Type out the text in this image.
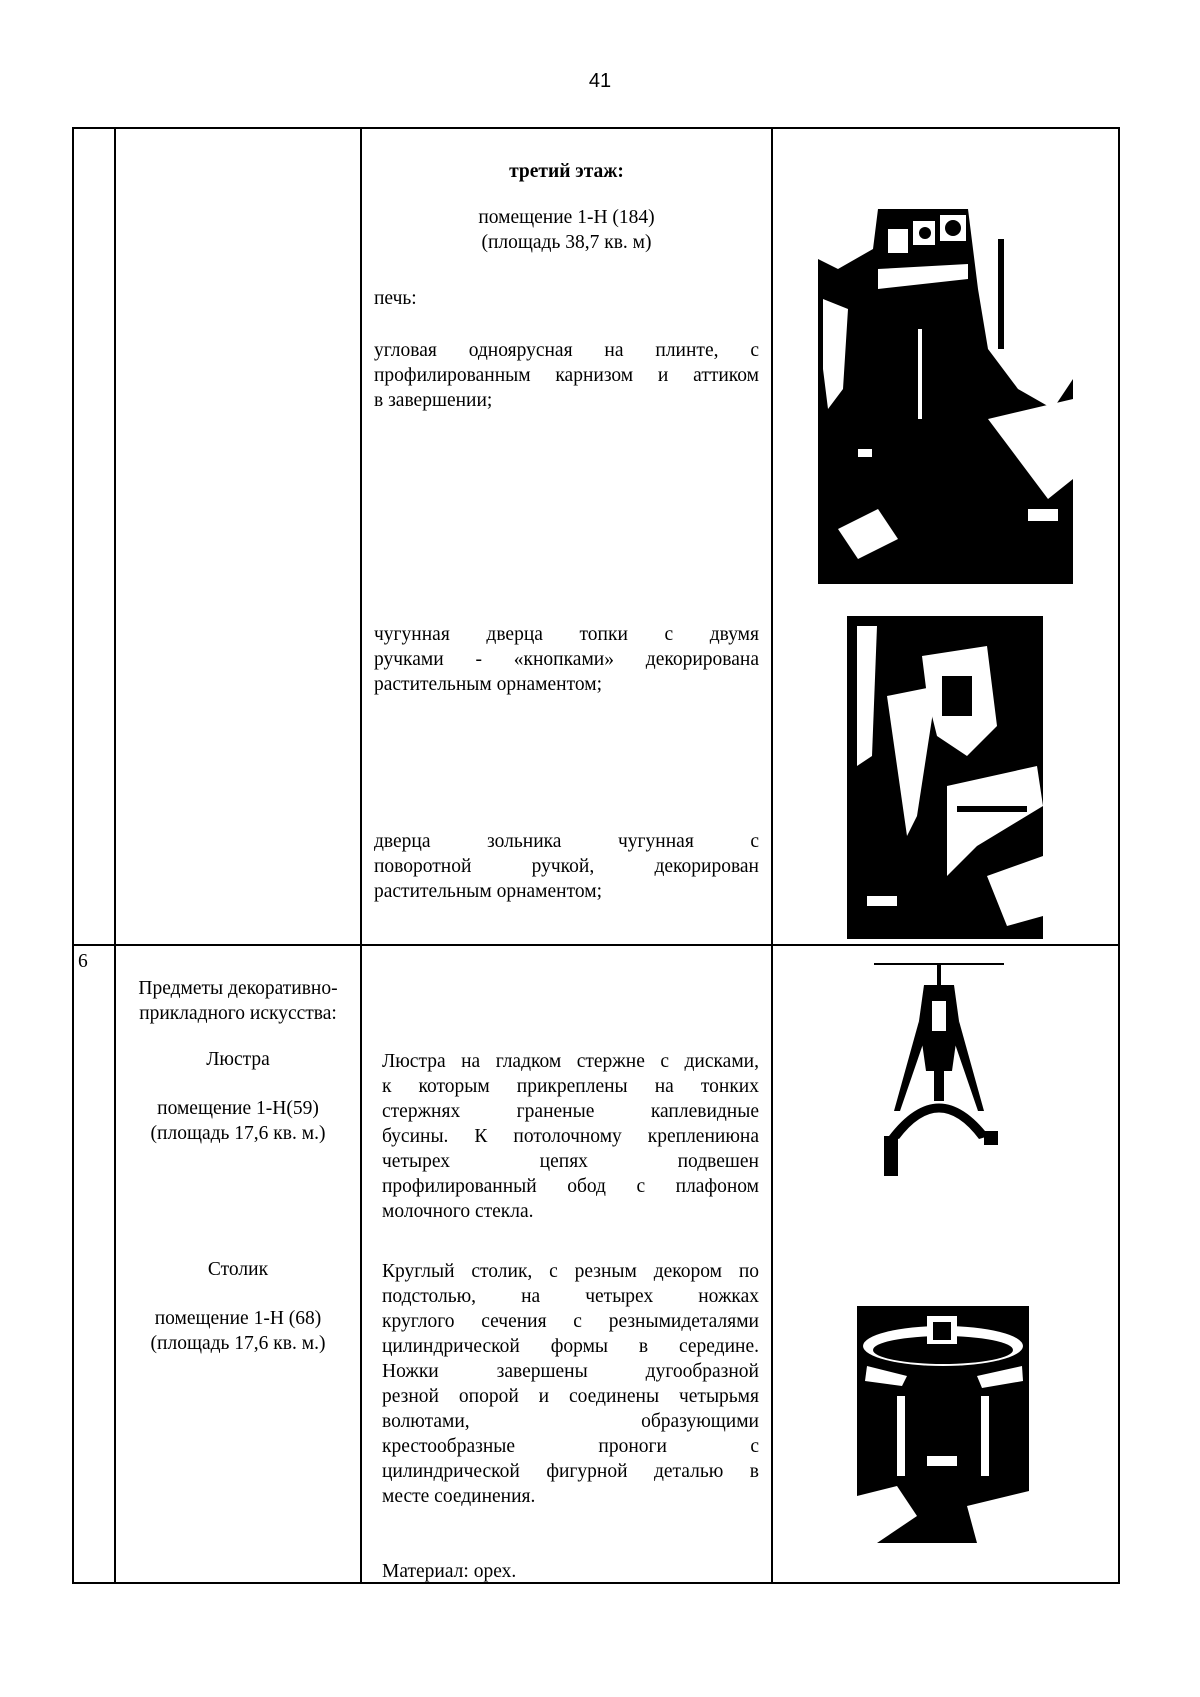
41
третий этаж:
помещение 1-Н (184)
(площадь 38,7 кв. м)
печь:
угловая одноярусная на плинте, с
профилированным карнизом и аттиком
в завершении;
чугунная дверца топки с двумя
ручками - «кнопками» декорирована
растительным орнаментом;
дверца зольника чугунная с
поворотной ручкой, декорирован
растительным орнаментом;
6
Предметы декоративно-
прикладного искусства:
Люстра
помещение 1-Н(59)
(площадь 17,6 кв. м.)
Люстра на гладком стержне с дисками,
к которым прикреплены на тонких
стержнях граненые каплевидные
бусины. К потолочному креплениюна
четырех цепях подвешен
профилированный обод с плафоном
молочного стекла.
Столик
помещение 1-Н (68)
(площадь 17,6 кв. м.)
Круглый столик, с резным декором по
подстолью, на четырех ножках
круглого сечения с резнымидеталями
цилиндрической формы в середине.
Ножки завершены дугообразной
резной опорой и соединены четырьмя
волютами, образующими
крестообразные проноги с
цилиндрической фигурной деталью в
месте соединения.
Материал: орех.
